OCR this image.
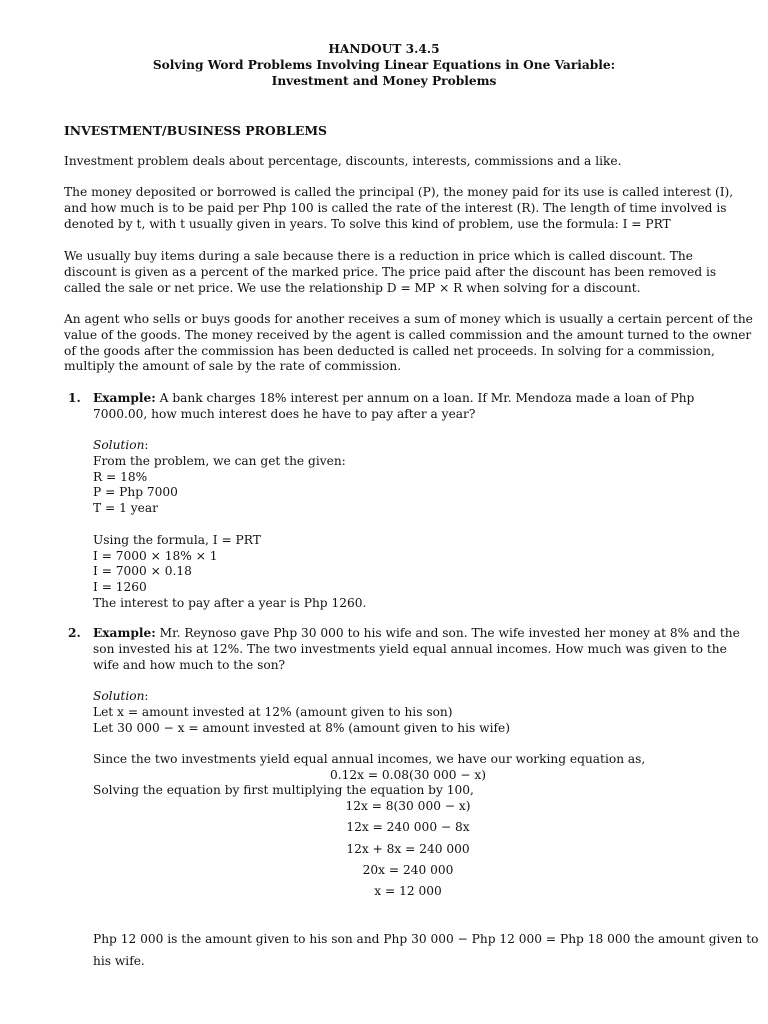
HANDOUT 3.4.5
Solving Word Problems Involving Linear Equations in One Variable:
Investment and Money Problems
INVESTMENT/BUSINESS PROBLEMS
Investment problem deals about percentage, discounts, interests, commissions and a like.
The money deposited or borrowed is called the principal (P), the money paid for its use is called interest (I),
and how much is to be paid per Php 100 is called the rate of the interest (R). The length of time involved is
denoted by t, with t usually given in years. To solve this kind of problem, use the formula: I = PRT
We usually buy items during a sale because there is a reduction in price which is called discount. The
discount is given as a percent of the marked price. The price paid after the discount has been removed is
called the sale or net price. We use the relationship D = MP × R when solving for a discount.
An agent who sells or buys goods for another receives a sum of money which is usually a certain percent of the
value of the goods. The money received by the agent is called commission and the amount turned to the owner
of the goods after the commission has been deducted is called net proceeds. In solving for a commission,
multiply the amount of sale by the rate of commission.
1. Example: A bank charges 18% interest per annum on a loan. If Mr. Mendoza made a loan of Php
7000.00, how much interest does he have to pay after a year?
Solution:
From the problem, we can get the given:
R = 18%
P = Php 7000
T = 1 year
Using the formula, I = PRT
I = 7000 × 18% × 1
I = 7000 × 0.18
I = 1260
The interest to pay after a year is Php 1260.
2. Example: Mr. Reynoso gave Php 30 000 to his wife and son. The wife invested her money at 8% and the
son invested his at 12%. The two investments yield equal annual incomes. How much was given to the
wife and how much to the son?
Solution:
Let x = amount invested at 12% (amount given to his son)
Let 30 000 − x = amount invested at 8% (amount given to his wife)
Since the two investments yield equal annual incomes, we have our working equation as,
0.12x = 0.08(30 000 − x)
Solving the equation by first multiplying the equation by 100,
12x = 8(30 000 − x)
12x = 240 000 − 8x
12x + 8x = 240 000
20x = 240 000
x = 12 000
Php 12 000 is the amount given to his son and Php 30 000 − Php 12 000 = Php 18 000 the amount given to
his wife.
